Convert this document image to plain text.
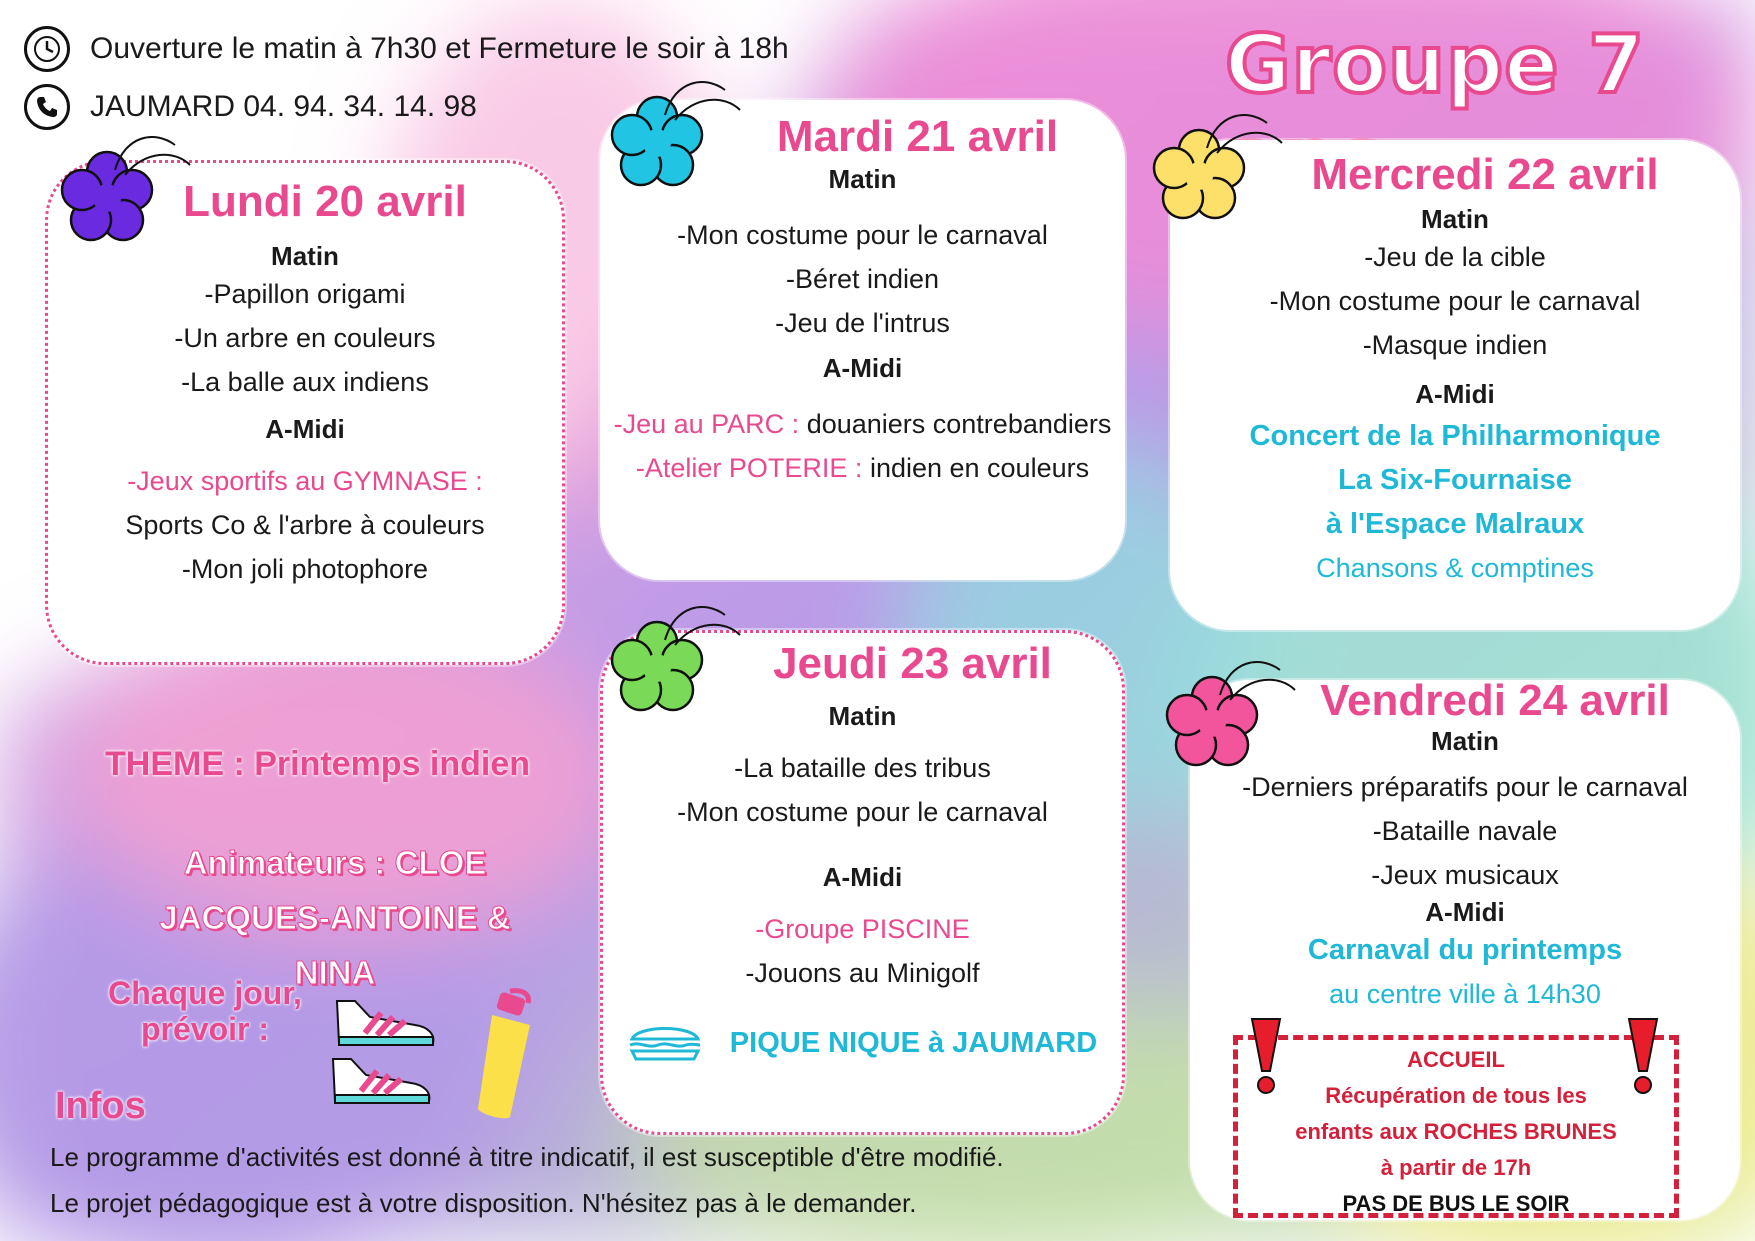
Ouverture le matin à 7h30 et Fermeture le soir à 18h
JAUMARD 04. 94. 34. 14. 98	Groupe 7
Lundi 20 avril
Matin
-Papillon origami
-Un arbre en couleurs
-La balle aux indiens
A-Midi
-Jeux sportifs au GYMNASE :
Sports Co & l'arbre à couleurs
-Mon joli photophore
Mardi 21 avril
Matin
-Mon costume pour le carnaval
-Béret indien
-Jeu de l'intrus
A-Midi
-Jeu au PARC : douaniers contrebandiers
-Atelier POTERIE : indien en couleurs
Mercredi 22 avril
Matin
-Jeu de la cible
-Mon costume pour le carnaval
-Masque indien
A-Midi
Concert de la Philharmonique
La Six-Fournaise
à l'Espace Malraux
Chansons & comptines
Jeudi 23 avril
Matin
-La bataille des tribus
-Mon costume pour le carnaval
A-Midi
-Groupe PISCINE
-Jouons au Minigolf
PIQUE NIQUE à JAUMARD
Vendredi 24 avril
Matin
-Derniers préparatifs pour le carnaval
-Bataille navale
-Jeux musicaux
A-Midi
Carnaval du printemps
au centre ville à 14h30
ACCUEIL
Récupération de tous les
enfants aux ROCHES BRUNES
à partir de 17h
PAS DE BUS LE SOIR
THEME : Printemps indien
Animateurs : CLOE
JACQUES-ANTOINE & NINA
Chaque jour,
prévoir :
Infos
Le programme d'activités est donné à titre indicatif, il est susceptible d'être modifié.
Le projet pédagogique est à votre disposition. N'hésitez pas à le demander.
